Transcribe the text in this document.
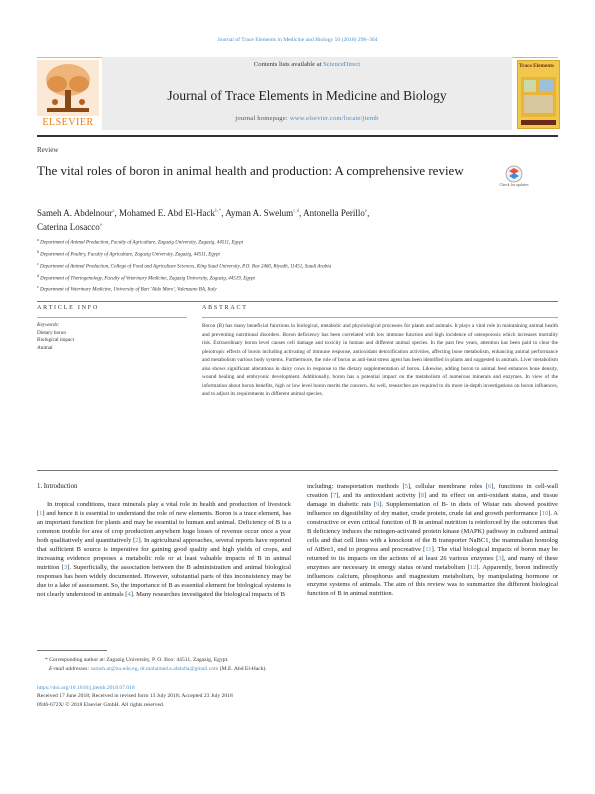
Journal of Trace Elements in Medicine and Biology 50 (2018) 296–304
ELSEVIER
Contents lists available at ScienceDirect
Journal of Trace Elements in Medicine and Biology
journal homepage: www.elsevier.com/locate/jtemb
Trace Elements
Review
The vital roles of boron in animal health and production: A comprehensive review
Check for updates
Sameh A. Abdelnour$^a$, Mohamed E. Abd El-Hack$^{b,*}$, Ayman A. Swelum$^{c,d}$, Antonella Perillo$^e$,
Caterina Losacco$^e$
$^a$ Department of Animal Production, Faculty of Agriculture, Zagazig University, Zagazig, 44511, Egypt
$^b$ Department of Poultry, Faculty of Agriculture, Zagazig University, Zagazig, 44511, Egypt
$^c$ Department of Animal Production, College of Food and Agriculture Sciences, King Saud University, P.O. Box 2460, Riyadh, 11451, Saudi Arabia
$^d$ Department of Theriogenology, Faculty of Veterinary Medicine, Zagazig University, Zagazig, 44519, Egypt
$^e$ Department of Veterinary Medicine, University of Bari 'Aldo Moro', Valenzano BA, Italy
ARTICLE INFO	ABSTRACT
Keywords:
Dietary boron
Biological impact
Animal
Boron (B) has many beneficial functions in biological, metabolic and physiological processes for plants and animals. It plays a vital role in maintaining animal health and preventing nutritional disorders. Boron deficiency has been correlated with low immune function and high incidence of osteoporosis which increases mortality risk. Extraordinary boron level causes cell damage and toxicity in human and different animal species. In the past few years, attention has been paid to clear the pleiotropic effects of boron including activating of immune response, antioxidant detoxification activities, affecting bone metabolism, enhancing animal performance and metabolism various body systems. Furthermore, the role of boron as anti-heat stress agent has been identified in plants and suggested in animals. Liver metabolism also shows significant alterations in dairy cows in response to the dietary supplementation of boron. Likewise, adding boron to animal feed enhances bone density, wound healing and embryonic development. Additionally, boron has a potential impact on the metabolism of numerous minerals and enzymes. In view of the information about boron benefits, high or low level boron merits the concern. As well, researches are required to do more in-depth investigations on boron influences, and to adjust its requirements in different animal species.
1. Introduction
In tropical conditions, trace minerals play a vital role in health and production of livestock [1] and hence it is essential to understand the role of new elements. Boron is a trace element, has an important function for plants and may be essential to human and animal. Deficiency of B is a common trouble for area of crop production anywhere huge losses of revenue occur once a year both qualitatively and quantitatively [2]. In agricultural approaches, several reports have reported that sufficient B source is imperative for gaining good quality and high yields of crops, and increasing evidence proposes a metabolic role or at least valuable impacts of B in animal nutrition [3]. Superficially, the association between the B administration and animal biological responses has been widely documented. However, substantial parts of this inconsistency may be due to a lake of assessment. So, the importance of B as essential element for biological systems is not clearly understood in animals [4]. Many researches investigated the biological impacts of B
including: transportation methods [5], cellular membrane roles [6], functions in cell-wall creation [7], and its antioxidant activity [8] and its effect on anti-oxidant status, and tissue damage in diabetic rats [9]. Supplementation of B- in diets of Wistar rats showed positive influence on digestibility of dry matter, crude protein, crude fat and growth performance [10]. A constructive or even critical function of B in animal nutrition is reinforced by the outcomes that B deficiency induces the mitogen-activated protein kinase (MAPK) pathway in cultured animal cells and that cell lines with a knockout of the B transporter NaBC1, the mammalian homolog of AtBor1, end to progress and procreative [11]. The vital biological impacts of boron may be returned to its impacts on the actions of at least 26 various enzymes [3], and many of these enzymes are necessary in energy status or/and metabolism [12]. Apparently, boron indirectly influences calcium, phosphorus and magnesium metabolism, by manipulating hormone or enzyme systems of animals. The aim of this review was to summarize the different biological function of B in animal nutrition.
* Corresponding author at: Zagazig University, P. O. Box: 44511, Zagazig, Egypt.
E-mail addresses: sameh.ar@zu.edu.eg, dr.mohamed.e.abdalla@gmail.com (M.E. Abd El-Hack).
https://doi.org/10.1016/j.jtemb.2018.07.018
Received 17 June 2018; Received in revised form 13 July 2018; Accepted 23 July 2018
0946-672X/ © 2018 Elsevier GmbH. All rights reserved.
